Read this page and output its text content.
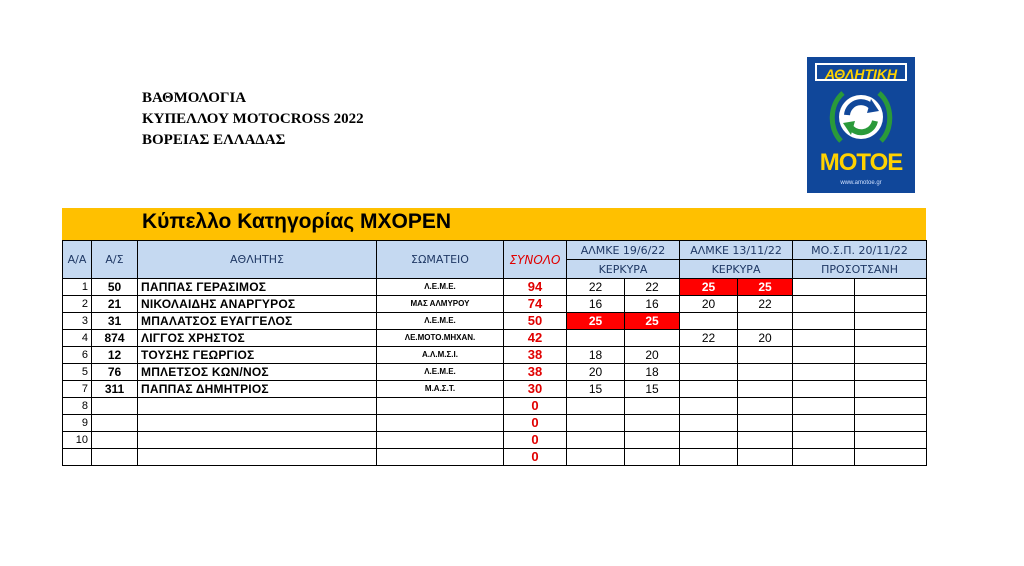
ΒΑΘΜΟΛΟΓΙΑ
ΚΥΠΕΛΛΟΥ MOTOCROSS 2022
ΒΟΡΕΙΑΣ ΕΛΛΑΔΑΣ
ΑΘΛΗΤΙΚΗ
MOTOE
www.amotoe.gr
Κύπελλο Κατηγορίας MXOPEN
Α/Α	Α/Σ	ΑΘΛΗΤΗΣ	ΣΩΜΑΤΕΙΟ	ΣΥΝΟΛΟ	ΑΛΜΚΕ 19/6/22		ΑΛΜΚΕ 13/11/22		ΜΟ.Σ.Π. 20/11/22	
					ΚΕΡΚΥΡΑ		ΚΕΡΚΥΡΑ		ΠΡΟΣΟΤΣΑΝΗ	
1	50	ΠΑΠΠΑΣ ΓΕΡΑΣΙΜΟΣ	Λ.Ε.Μ.Ε.	94	22	22	25	25		
2	21	ΝΙΚΟΛΑΙΔΗΣ ΑΝΑΡΓΥΡΟΣ	ΜΑΣ ΑΛΜΥΡΟΥ	74	16	16	20	22		
3	31	ΜΠΑΛΑΤΣΟΣ ΕΥΑΓΓΕΛΟΣ	Λ.Ε.Μ.Ε.	50	25	25				
4	874	ΛΙΓΓΟΣ ΧΡΗΣΤΟΣ	ΛΕ.ΜΟΤΟ.ΜΗΧΑΝ.	42			22	20		
6	12	ΤΟΥΣΗΣ ΓΕΩΡΓΙΟΣ	Α.Λ.Μ.Σ.Ι.	38	18	20				
5	76	ΜΠΛΕΤΣΟΣ ΚΩΝ/ΝΟΣ	Λ.Ε.Μ.Ε.	38	20	18				
7	311	ΠΑΠΠΑΣ ΔΗΜΗΤΡΙΟΣ	Μ.Α.Σ.Τ.	30	15	15				
8				0						
9				0						
10				0						
				0						
